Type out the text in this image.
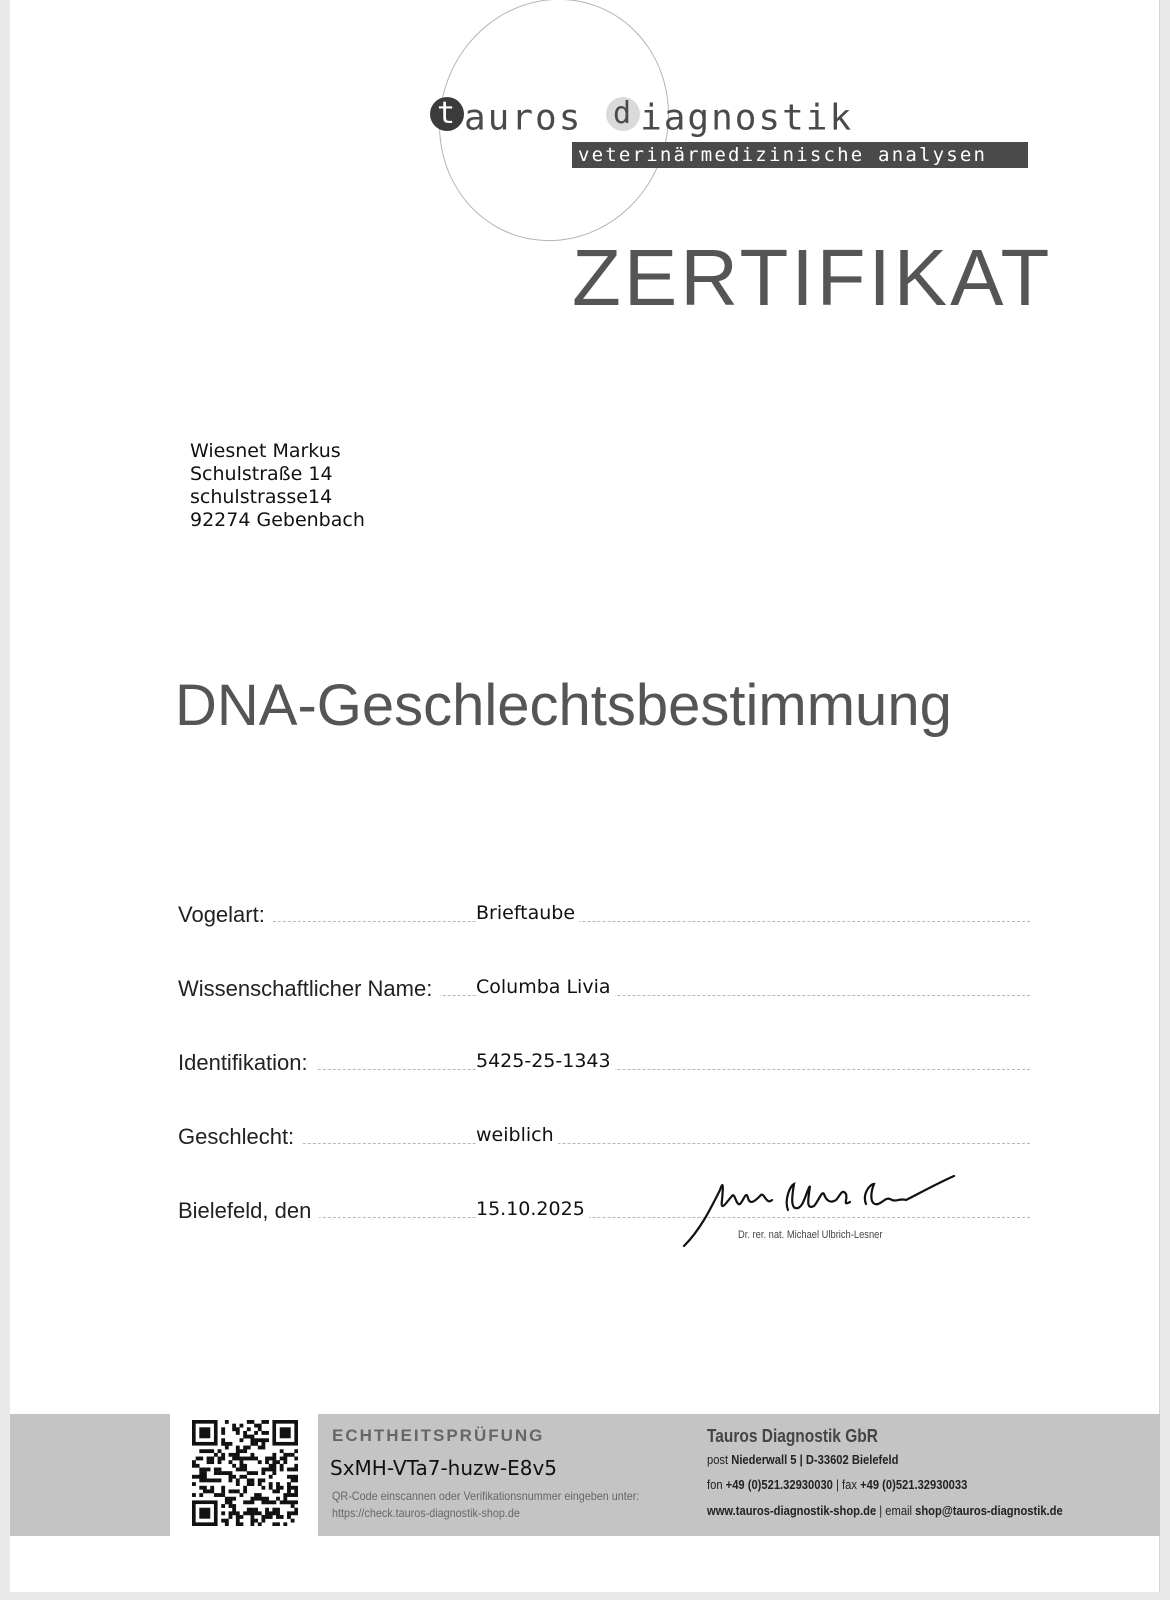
t auros d iagnostik
veterinärmedizinische analysen
ZERTIFIKAT
Wiesnet Markus
Schulstraße 14
schulstrasse14
92274 Gebenbach
DNA-Geschlechtsbestimmung
Vogelart:	Brieftaube
Wissenschaftlicher Name:	Columba Livia
Identifikation:	5425-25-1343
Geschlecht:	weiblich
Bielefeld, den	15.10.2025
Dr. rer. nat. Michael Ulbrich-Lesner
ECHTHEITSPRÜFUNG
SxMH-VTa7-huzw-E8v5
QR-Code einscannen oder Verifikationsnummer eingeben unter:
https://check.tauros-diagnostik-shop.de
Tauros Diagnostik GbR
post Niederwall 5 | D-33602 Bielefeld
fon +49 (0)521.32930030 | fax +49 (0)521.32930033
www.tauros-diagnostik-shop.de | email shop@tauros-diagnostik.de
